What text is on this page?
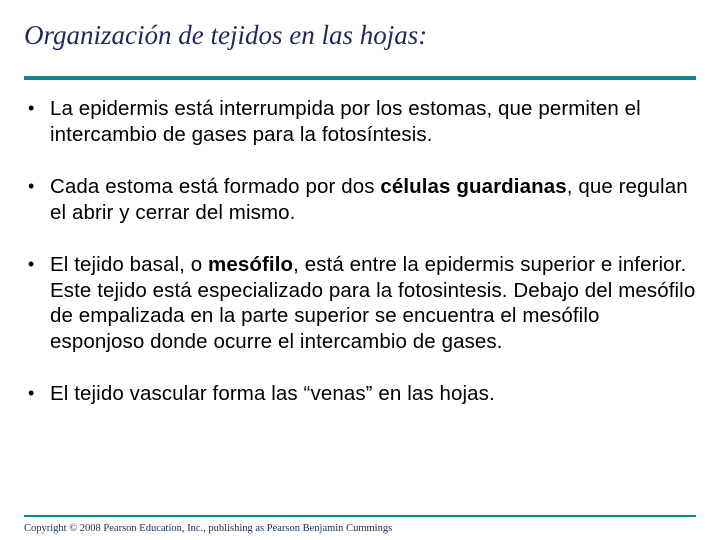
Organización de tejidos en las hojas:
• La epidermis está interrumpida por los estomas, que permiten el intercambio de gases para la fotosíntesis.
• Cada estoma está formado por dos células guardianas, que regulan el abrir y cerrar del mismo.
• El tejido basal, o mesófilo, está entre la epidermis superior e inferior. Este tejido está especializado para la fotosintesis. Debajo del mesófilo de empalizada en la parte superior se encuentra el mesófilo esponjoso donde ocurre el intercambio de gases.
• El tejido vascular forma las “venas” en las hojas.
Copyright © 2008 Pearson Education, Inc., publishing as Pearson Benjamin Cummings
